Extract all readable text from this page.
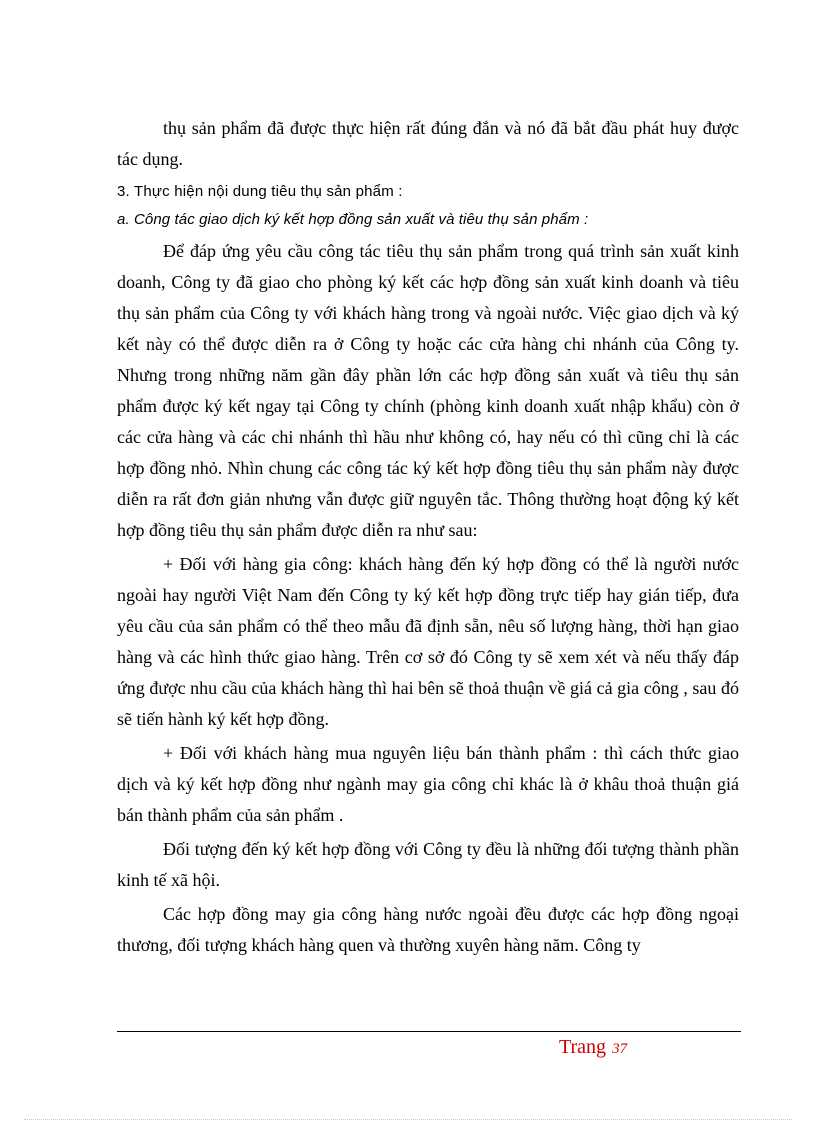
thụ sản phẩm đã được thực hiện rất đúng đắn và nó đã bắt đầu phát huy được tác dụng.

3. Thực hiện nội dung tiêu thụ sản phẩm :

a. Công tác giao dịch ký kết hợp đồng sản xuất và tiêu thụ sản phẩm :

Để đáp ứng yêu cầu công tác tiêu thụ sản phẩm trong quá trình sản xuất kinh doanh, Công ty đã giao cho phòng ký kết các hợp đồng sản xuất kinh doanh và tiêu thụ sản phẩm của Công ty với khách hàng trong và ngoài nước. Việc giao dịch và ký kết này có thể được diễn ra ở Công ty hoặc các cửa hàng chi nhánh của Công ty. Nhưng trong những năm gần đây phần lớn các hợp đồng sản xuất và tiêu thụ sản phẩm được ký kết ngay tại Công ty chính (phòng kinh doanh xuất nhập khẩu) còn ở các cửa hàng và các chi nhánh thì hầu như không có, hay nếu có thì cũng chỉ là các hợp đồng nhỏ. Nhìn chung các công tác ký kết hợp đồng tiêu thụ sản phẩm này được diễn ra rất đơn giản nhưng vẫn được giữ nguyên tắc. Thông thường hoạt động ký kết hợp đồng tiêu thụ sản phẩm được diễn ra như sau:

+ Đối với hàng gia công: khách hàng đến ký hợp đồng có thể là người nước ngoài hay người Việt Nam đến Công ty ký kết hợp đồng trực tiếp hay gián tiếp, đưa yêu cầu của sản phẩm có thể theo mẫu đã định sẵn, nêu số lượng hàng, thời hạn giao hàng và các hình thức giao hàng. Trên cơ sở đó Công ty sẽ xem xét và nếu thấy đáp ứng được nhu cầu của khách hàng thì hai bên sẽ thoả thuận về giá cả gia công , sau đó sẽ tiến hành ký kết hợp đồng.

+ Đối với khách hàng mua nguyên liệu bán thành phẩm : thì cách thức giao dịch và ký kết hợp đồng như ngành may gia công chỉ khác là ở khâu thoả thuận giá bán thành phẩm của sản phẩm .

Đối tượng đến ký kết hợp đồng với Công ty đều là những đối tượng thành phần kinh tế xã hội.

Các hợp đồng may gia công hàng nước ngoài đều được các hợp đồng ngoại thương, đối tượng khách hàng quen và thường xuyên hàng năm. Công ty

Trang 37
